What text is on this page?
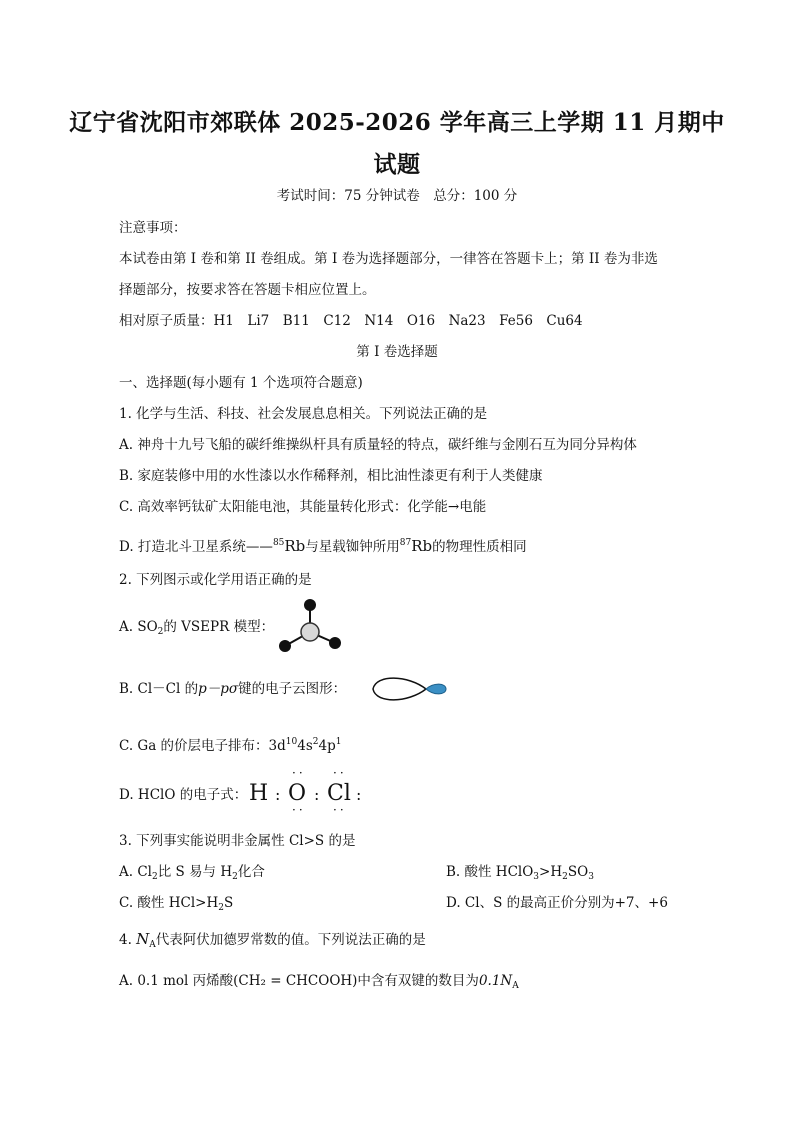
辽宁省沈阳市郊联体 2025-2026 学年高三上学期 11 月期中
试题
考试时间：75 分钟试卷　总分：100 分
注意事项：
本试卷由第 I 卷和第 II 卷组成。第 I 卷为选择题部分，一律答在答题卡上；第 II 卷为非选
择题部分，按要求答在答题卡相应位置上。
相对原子质量：H1　Li7　B11　C12　N14　O16　Na23　Fe56　Cu64
第 I 卷选择题
一、选择题(每小题有 1 个选项符合题意)
1. 化学与生活、科技、社会发展息息相关。下列说法正确的是
A. 神舟十九号飞船的碳纤维操纵杆具有质量轻的特点，碳纤维与金刚石互为同分异构体
B. 家庭装修中用的水性漆以水作稀释剂，相比油性漆更有利于人类健康
C. 高效率钙钛矿太阳能电池，其能量转化形式：化学能→电能
D. 打造北斗卫星系统——$^{85}$Rb与星载铷钟所用$^{87}$Rb的物理性质相同
2. 下列图示或化学用语正确的是
A. $SO_2$的 VSEPR 模型：
B. Cl－Cl 的p－pσ键的电子云图形：
C. Ga 的价层电子排布：$3d^{10}4s^24p^1$
D. HClO 的电子式： H : O : Cl :
··
··
··
··
3. 下列事实能说明非金属性 Cl>S 的是
A. $Cl_2$比 S 易与 $H_2$化合	B. 酸性 $HClO_3>H_2SO_3$
C. 酸性 $HCl>H_2S$	D. Cl、S 的最高正价分别为+7、+6
4. $N_A$代表阿伏加德罗常数的值。下列说法正确的是
A. 0.1 mol 丙烯酸(CH₂ = CHCOOH)中含有双键的数目为$0.1N_A$
